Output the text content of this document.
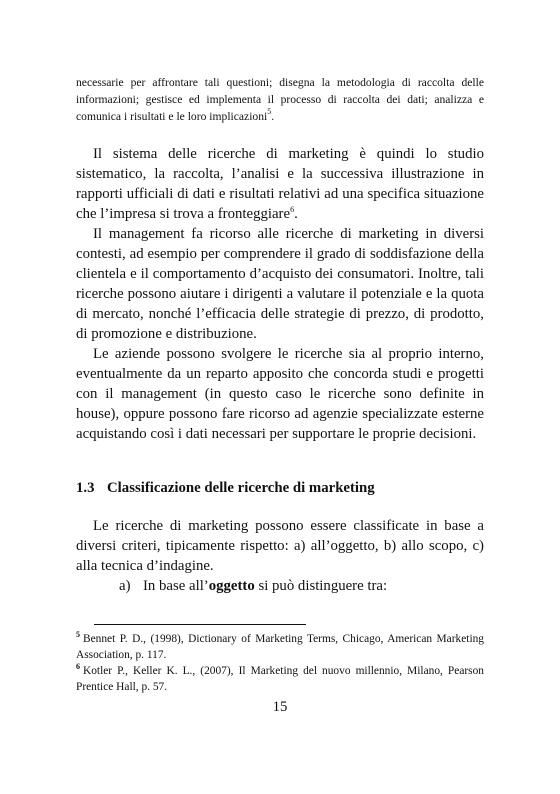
necessarie per affrontare tali questioni; disegna la metodologia di raccolta delle informazioni; gestisce ed implementa il processo di raccolta dei dati; analizza e comunica i risultati e le loro implicazioni$^5$.

Il sistema delle ricerche di marketing è quindi lo studio sistematico, la raccolta, l’analisi e la successiva illustrazione in rapporti ufficiali di dati e risultati relativi ad una specifica situazione che l’impresa si trova a fronteggiare$^6$.

Il management fa ricorso alle ricerche di marketing in diversi contesti, ad esempio per comprendere il grado di soddisfazione della clientela e il comportamento d’acquisto dei consumatori. Inoltre, tali ricerche possono aiutare i dirigenti a valutare il potenziale e la quota di mercato, nonché l’efficacia delle strategie di prezzo, di prodotto, di promozione e distribuzione.

Le aziende possono svolgere le ricerche sia al proprio interno, eventualmente da un reparto apposito che concorda studi e progetti con il management (in questo caso le ricerche sono definite in house), oppure possono fare ricorso ad agenzie specializzate esterne acquistando così i dati necessari per supportare le proprie decisioni.

1.3 Classificazione delle ricerche di marketing

Le ricerche di marketing possono essere classificate in base a diversi criteri, tipicamente rispetto: a) all’oggetto, b) allo scopo, c) alla tecnica d’indagine.

a) In base all’oggetto si può distinguere tra:

$^5$ Bennet P. D., (1998), Dictionary of Marketing Terms, Chicago, American Marketing Association, p. 117.

$^6$ Kotler P., Keller K. L., (2007), Il Marketing del nuovo millennio, Milano, Pearson Prentice Hall, p. 57.

15
